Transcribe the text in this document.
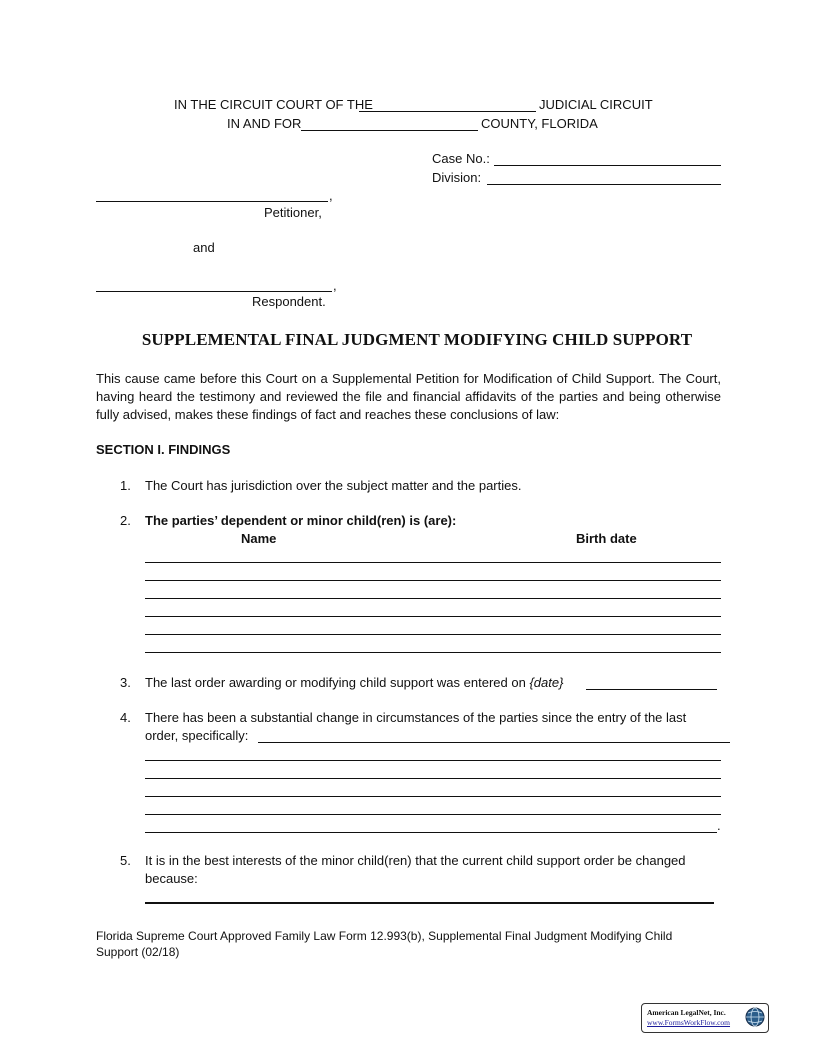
IN THE CIRCUIT COURT OF THE	JUDICIAL CIRCUIT
IN AND FOR	COUNTY, FLORIDA
Case No.:
Division:
,
Petitioner,
and
,
Respondent.
SUPPLEMENTAL FINAL JUDGMENT MODIFYING CHILD SUPPORT
This cause came before this Court on a Supplemental Petition for Modification of Child Support. The Court, having heard the testimony and reviewed the file and financial affidavits of the parties and being otherwise fully advised, makes these findings of fact and reaches these conclusions of law:
SECTION I. FINDINGS
1. The Court has jurisdiction over the subject matter and the parties.
2. The parties’ dependent or minor child(ren) is (are):
Name	Birth date
3. The last order awarding or modifying child support was entered on {date}
4. There has been a substantial change in circumstances of the parties since the entry of the last
order, specifically:
.
5. It is in the best interests of the minor child(ren) that the current child support order be changed
because:
Florida Supreme Court Approved Family Law Form 12.993(b), Supplemental Final Judgment Modifying Child
Support (02/18)
American LegalNet, Inc.
www.FormsWorkFlow.com
